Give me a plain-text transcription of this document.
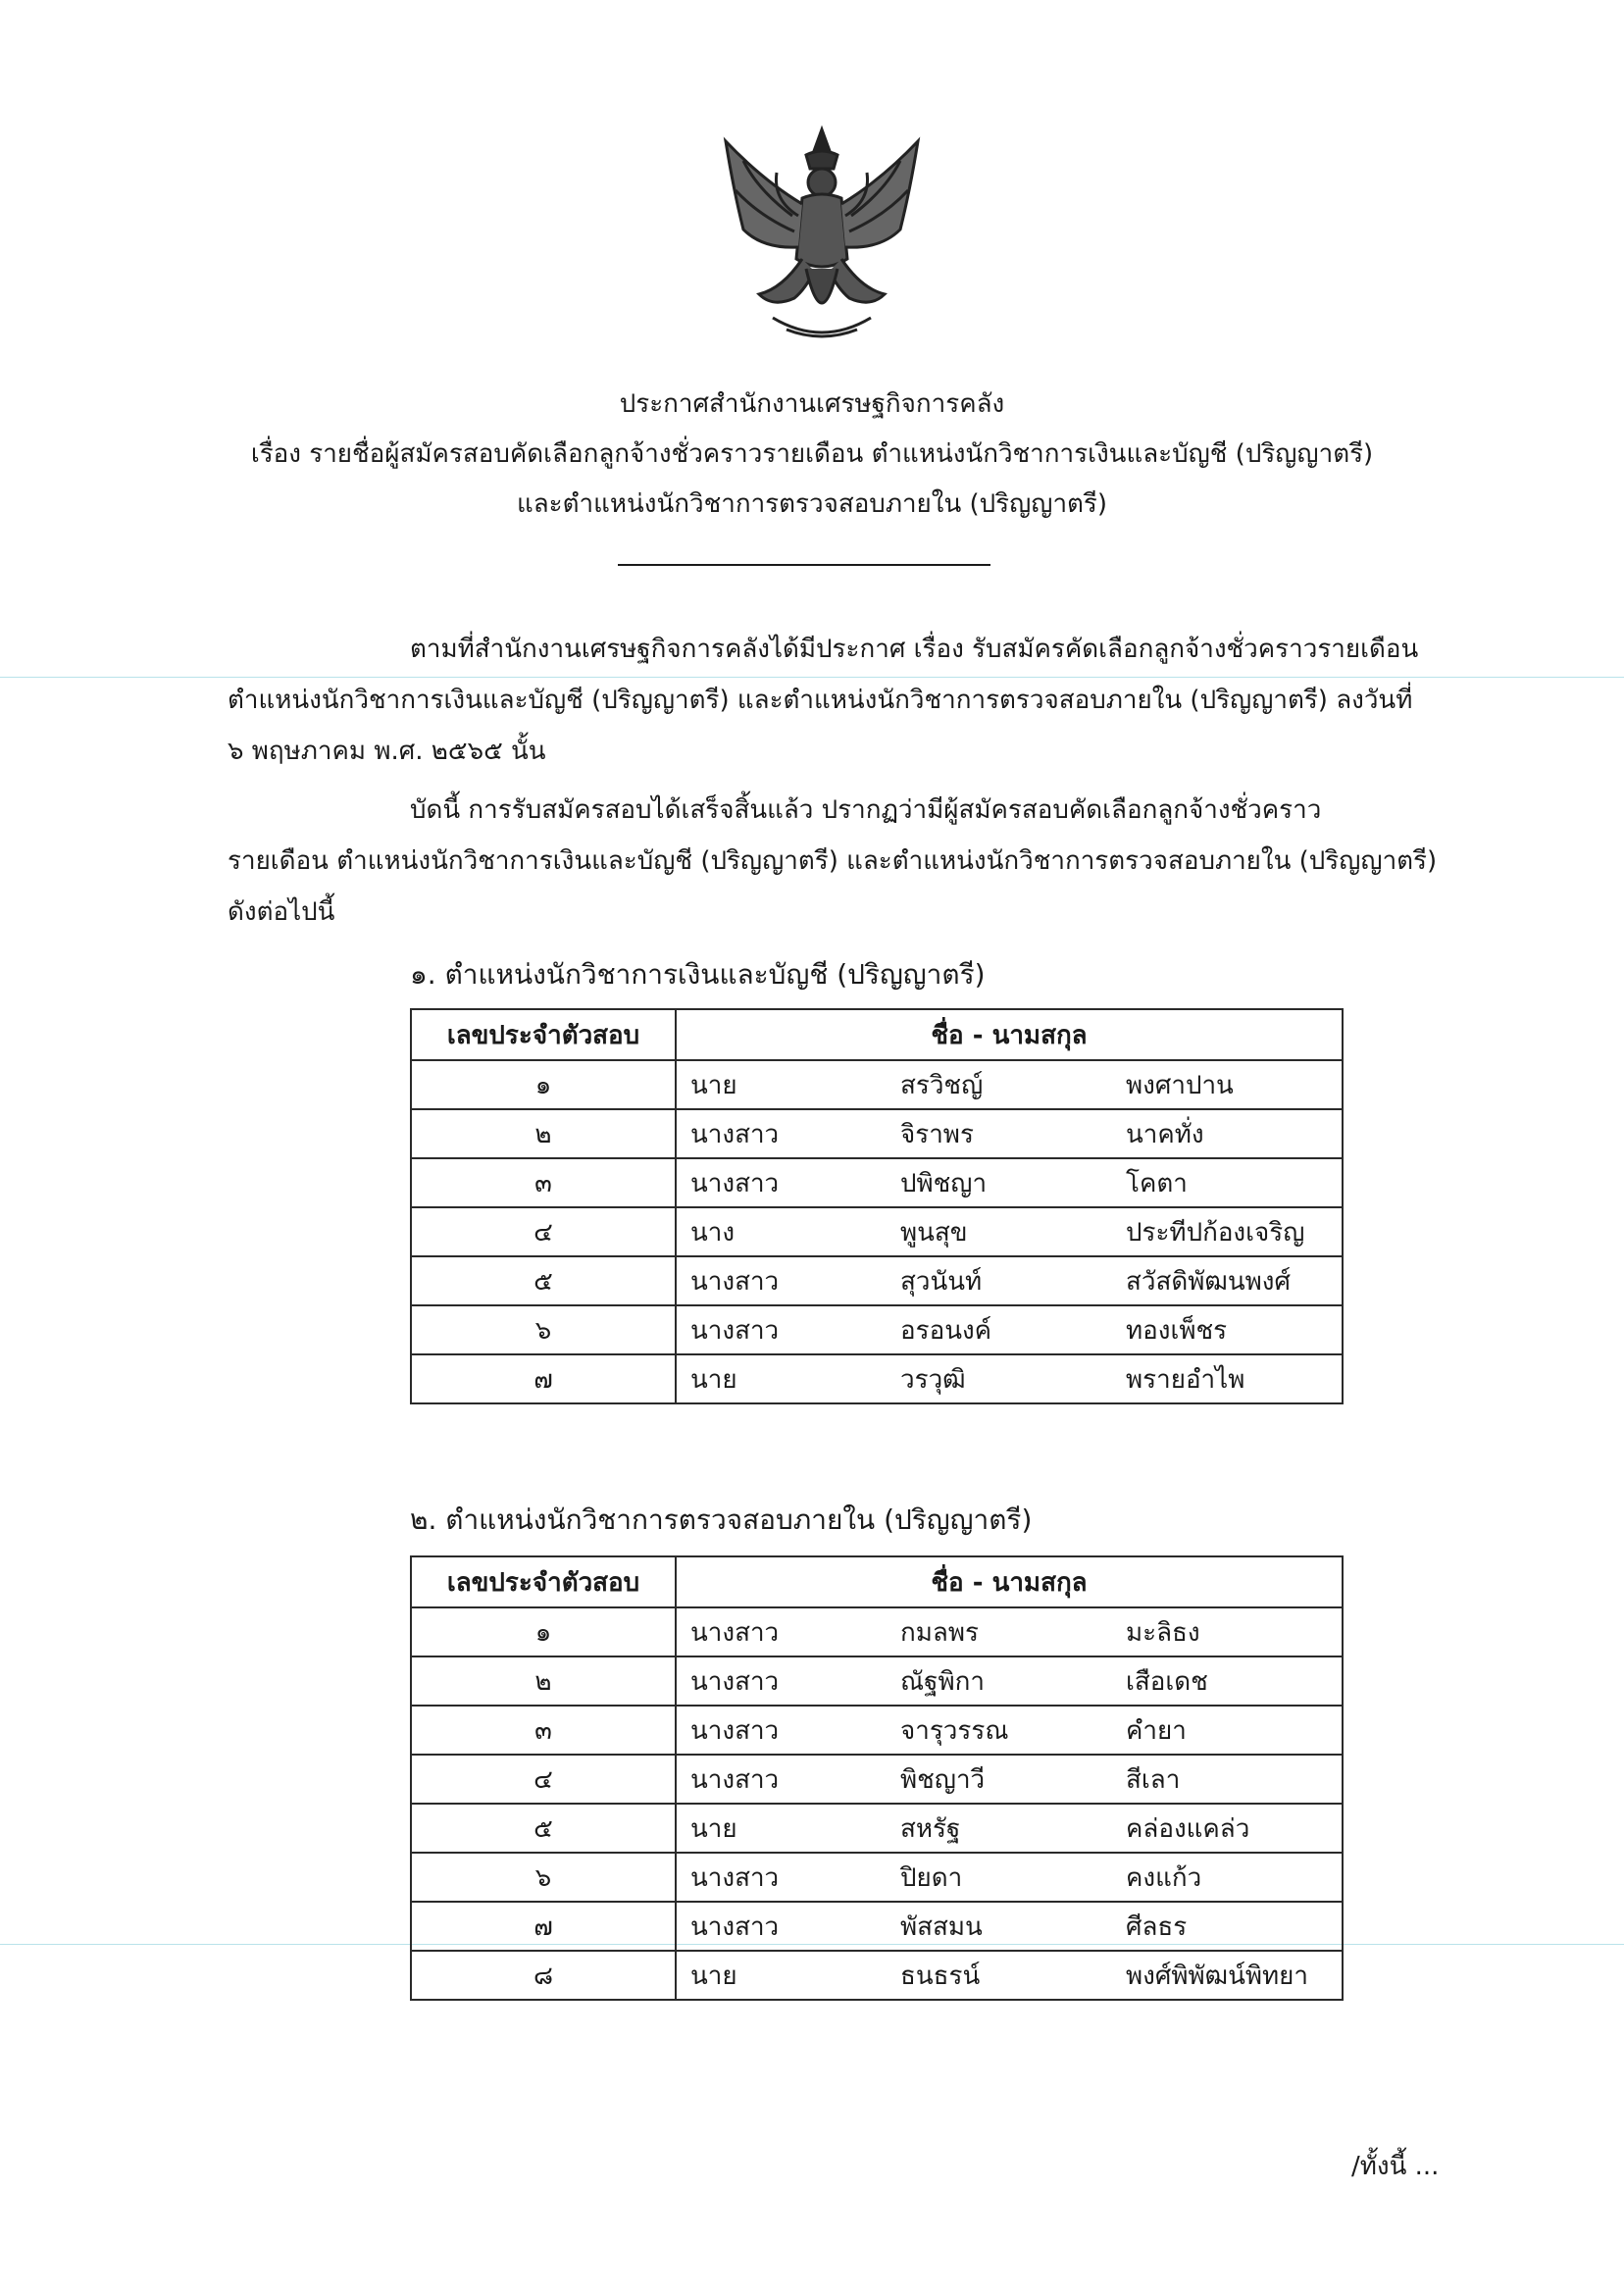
ประกาศสำนักงานเศรษฐกิจการคลัง
เรื่อง รายชื่อผู้สมัครสอบคัดเลือกลูกจ้างชั่วคราวรายเดือน ตำแหน่งนักวิชาการเงินและบัญชี (ปริญญาตรี)
และตำแหน่งนักวิชาการตรวจสอบภายใน (ปริญญาตรี)
ตามที่สำนักงานเศรษฐกิจการคลังได้มีประกาศ เรื่อง รับสมัครคัดเลือกลูกจ้างชั่วคราวรายเดือน
ตำแหน่งนักวิชาการเงินและบัญชี (ปริญญาตรี) และตำแหน่งนักวิชาการตรวจสอบภายใน (ปริญญาตรี) ลงวันที่
๖ พฤษภาคม พ.ศ. ๒๕๖๕ นั้น
บัดนี้ การรับสมัครสอบได้เสร็จสิ้นแล้ว ปรากฏว่ามีผู้สมัครสอบคัดเลือกลูกจ้างชั่วคราว
รายเดือน ตำแหน่งนักวิชาการเงินและบัญชี (ปริญญาตรี) และตำแหน่งนักวิชาการตรวจสอบภายใน (ปริญญาตรี)
ดังต่อไปนี้
๑. ตำแหน่งนักวิชาการเงินและบัญชี (ปริญญาตรี)
เลขประจำตัวสอบ	ชื่อ - นามสกุล		
๑	นาย	สรวิชญ์	พงศาปาน
๒	นางสาว	จิราพร	นาคทั่ง
๓	นางสาว	ปพิชญา	โคตา
๔	นาง	พูนสุข	ประทีปก้องเจริญ
๕	นางสาว	สุวนันท์	สวัสดิพัฒนพงศ์
๖	นางสาว	อรอนงค์	ทองเพ็ชร
๗	นาย	วรวุฒิ	พรายอำไพ
๒. ตำแหน่งนักวิชาการตรวจสอบภายใน (ปริญญาตรี)
เลขประจำตัวสอบ	ชื่อ - นามสกุล		
๑	นางสาว	กมลพร	มะลิธง
๒	นางสาว	ณัฐพิกา	เสือเดช
๓	นางสาว	จารุวรรณ	คำยา
๔	นางสาว	พิชญาวี	สีเลา
๕	นาย	สหรัฐ	คล่องแคล่ว
๖	นางสาว	ปิยดา	คงแก้ว
๗	นางสาว	พัสสมน	ศีลธร
๘	นาย	ธนธรน์	พงศ์พิพัฒน์พิทยา
/ทั้งนี้ ...
